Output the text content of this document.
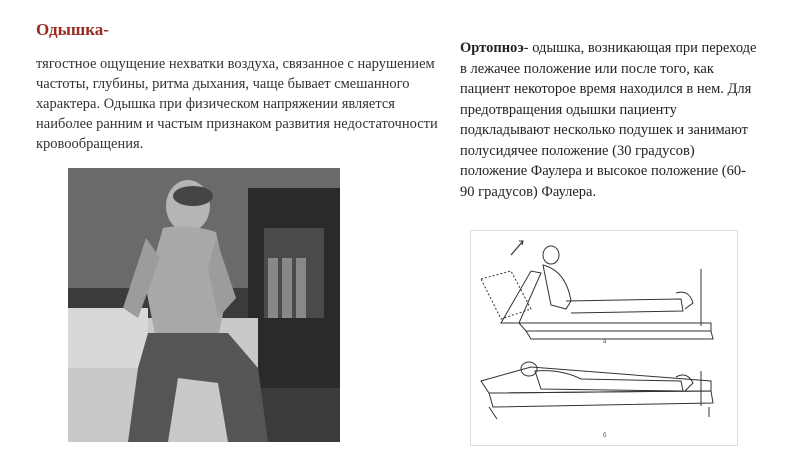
Одышка-
тягостное ощущение нехватки воздуха, связанное с нарушением частоты, глубины, ритма дыхания, чаще бывает смешанного характера. Одышка при физическом напряжении является наиболее ранним и частым признаком развития недостаточности кровообращения.
Ортопноэ- одышка, возникающая при переходе в лежачее положение или после того, как пациент некоторое время находился в нем. Для предотвращения одышки пациенту подкладывают несколько подушек и занимают полусидячее положение (30 градусов) положение Фаулера и высокое положение (60-90 градусов) Фаулера.
а
б
